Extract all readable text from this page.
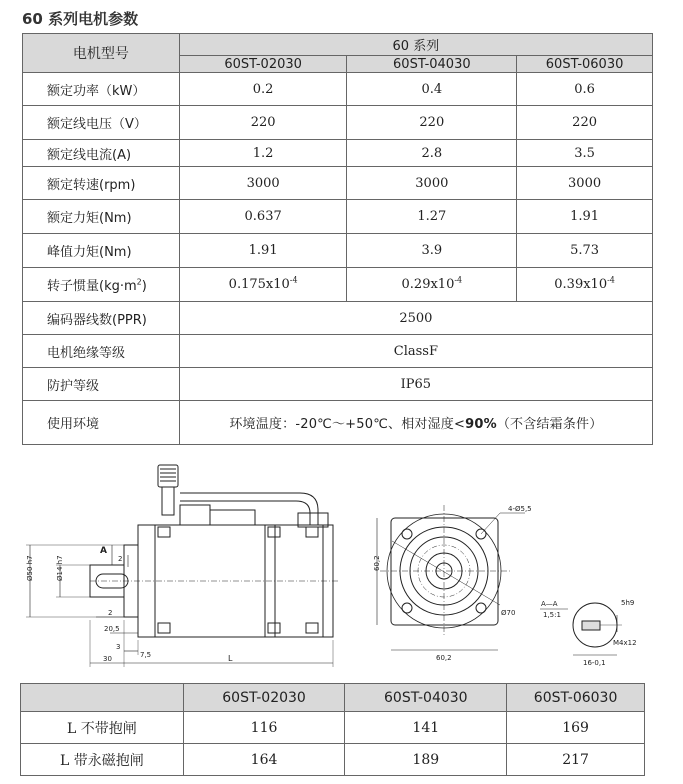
60 系列电机参数
电机型号	60 系列		
	60ST-02030	60ST-04030	60ST-06030
额定功率（kW）	0.2	0.4	0.6
额定线电压（V）	220	220	220
额定线电流(A)	1.2	2.8	3.5
额定转速(rpm)	3000	3000	3000
额定力矩(Nm)	0.637	1.27	1.91
峰值力矩(Nm)	1.91	3.9	5.73
转子惯量$(kg\cdot m^2)$	$0.175x10^{-4}$	$0.29x10^{-4}$	$0.39x10^{-4}$
编码器线数(PPR)	2500		
电机绝缘等级	ClassF		
防护等级	IP65		
使用环境	环境温度：-20℃～+50℃、相对湿度<90%（不含结霜条件）		
Ø50 h7	Ø14 h7
A
2
2
20,5
3
7,5
30	L
4-Ø5,5
60,2
60,2
Ø70
A—A
1,5:1
5h9
M4x12
16-0,1
	60ST-02030	60ST-04030	60ST-06030
L 不带抱闸	116	141	169
L 带永磁抱闸	164	189	217
